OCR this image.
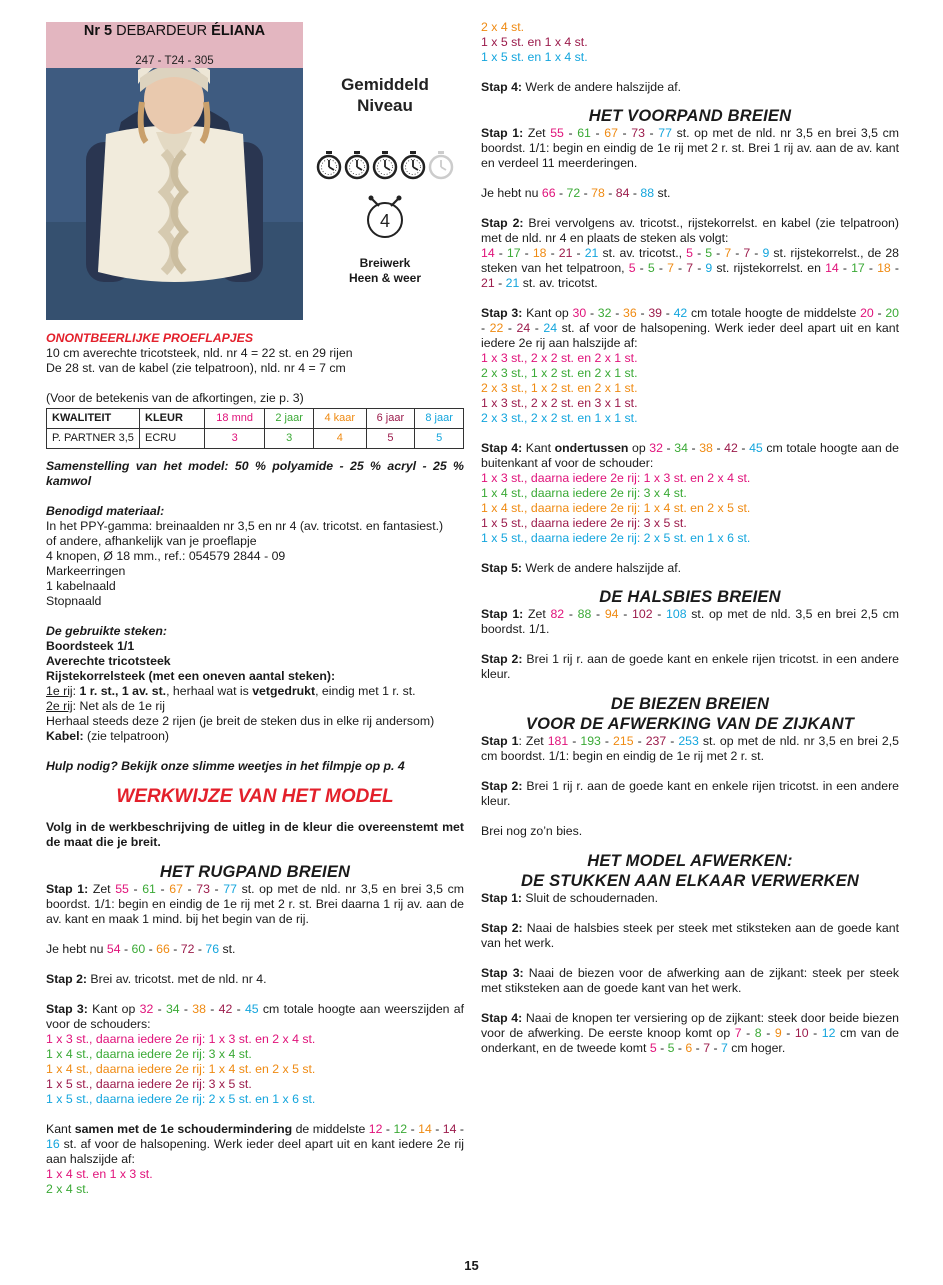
Nr 5 DEBARDEUR ÉLIANA
247 - T24 - 305
Gemiddeld
Niveau
4
Breiwerk
Heen & weer

ONONTBEERLIJKE PROEFLAPJES

10 cm averechte tricotsteek, nld. nr 4 = 22 st. en 29 rijen

De 28 st. van de kabel (zie telpatroon), nld. nr 4 = 7 cm

(Voor de betekenis van de afkortingen, zie p. 3)

KWALITEIT	KLEUR	18 mnd	2 jaar	4 kaar	6 jaar	8 jaar
P. PARTNER 3,5	ECRU	3	3	4	5	5

Samenstelling van het model: 50 % polyamide - 25 % acryl - 25 % kamwol

Benodigd materiaal:

In het PPY-gamma: breinaalden nr 3,5 en nr 4 (av. tricotst. en fantasiest.)

of andere, afhankelijk van je proeflapje

4 knopen, Ø 18 mm., ref.: 054579 2844 - 09

Markeerringen

1 kabelnaald

Stopnaald

De gebruikte steken:

Boordsteek 1/1

Averechte tricotsteek

Rijstekorrelsteek (met een oneven aantal steken):

1e rij: 1 r. st., 1 av. st., herhaal wat is vetgedrukt, eindig met 1 r. st.

2e rij: Net als de 1e rij

Herhaal steeds deze 2 rijen (je breit de steken dus in elke rij andersom)

Kabel: (zie telpatroon)

Hulp nodig? Bekijk onze slimme weetjes in het filmpje op p. 4

WERKWIJZE VAN HET MODEL

Volg in de werkbeschrijving de uitleg in de kleur die overeenstemt met de maat die je breit.

HET RUGPAND BREIEN

Stap 1: Zet 55 - 61 - 67 - 73 - 77 st. op met de nld. nr 3,5 en brei 3,5 cm boordst. 1/1: begin en eindig de 1e rij met 2 r. st. Brei daarna 1 rij av. aan de av. kant en maak 1 mind. bij het begin van de rij.

Je hebt nu 54 - 60 - 66 - 72 - 76 st.

Stap 2: Brei av. tricotst. met de nld. nr 4.

Stap 3: Kant op 32 - 34 - 38 - 42 - 45 cm totale hoogte aan weerszijden af voor de schouders:

1 x 3 st., daarna iedere 2e rij: 1 x 3 st. en 2 x 4 st.

1 x 4 st., daarna iedere 2e rij: 3 x 4 st.

1 x 4 st., daarna iedere 2e rij: 1 x 4 st. en 2 x 5 st.

1 x 5 st., daarna iedere 2e rij: 3 x 5 st.

1 x 5 st., daarna iedere 2e rij: 2 x 5 st. en 1 x 6 st.

Kant samen met de 1e schoudermindering de middelste 12 - 12 - 14 - 14 - 16 st. af voor de halsopening. Werk ieder deel apart uit en kant iedere 2e rij aan halszijde af:

1 x 4 st. en 1 x 3 st.

2 x 4 st.

2 x 4 st.

1 x 5 st. en 1 x 4 st.

1 x 5 st. en 1 x 4 st.

Stap 4: Werk de andere halszijde af.

HET VOORPAND BREIEN

Stap 1: Zet 55 - 61 - 67 - 73 - 77 st. op met de nld. nr 3,5 en brei 3,5 cm boordst. 1/1: begin en eindig de 1e rij met 2 r. st. Brei 1 rij av. aan de av. kant en verdeel 11 meerderingen.

Je hebt nu 66 - 72 - 78 - 84 - 88 st.

Stap 2: Brei vervolgens av. tricotst., rijstekorrelst. en kabel (zie telpatroon) met de nld. nr 4 en plaats de steken als volgt:
14 - 17 - 18 - 21 - 21 st. av. tricotst., 5 - 5 - 7 - 7 - 9 st. rijstekorrelst., de 28 steken van het telpatroon, 5 - 5 - 7 - 7 - 9 st. rijstekorrelst. en 14 - 17 - 18 - 21 - 21 st. av. tricotst.

Stap 3: Kant op 30 - 32 - 36 - 39 - 42 cm totale hoogte de middelste 20 - 20 - 22 - 24 - 24 st. af voor de halsopening. Werk ieder deel apart uit en kant iedere 2e rij aan halszijde af:

1 x 3 st., 2 x 2 st. en 2 x 1 st.

2 x 3 st., 1 x 2 st. en 2 x 1 st.

2 x 3 st., 1 x 2 st. en 2 x 1 st.

1 x 3 st., 2 x 2 st. en 3 x 1 st.

2 x 3 st., 2 x 2 st. en 1 x 1 st.

Stap 4: Kant ondertussen op 32 - 34 - 38 - 42 - 45 cm totale hoogte aan de buitenkant af voor de schouder:

1 x 3 st., daarna iedere 2e rij: 1 x 3 st. en 2 x 4 st.

1 x 4 st., daarna iedere 2e rij: 3 x 4 st.

1 x 4 st., daarna iedere 2e rij: 1 x 4 st. en 2 x 5 st.

1 x 5 st., daarna iedere 2e rij: 3 x 5 st.

1 x 5 st., daarna iedere 2e rij: 2 x 5 st. en 1 x 6 st.

Stap 5: Werk de andere halszijde af.

DE HALSBIES BREIEN

Stap 1: Zet 82 - 88 - 94 - 102 - 108 st. op met de nld. 3,5 en brei 2,5 cm boordst. 1/1.

Stap 2: Brei 1 rij r. aan de goede kant en enkele rijen tricotst. in een andere kleur.

DE BIEZEN BREIEN

VOOR DE AFWERKING VAN DE ZIJKANT

Stap 1: Zet 181 - 193 - 215 - 237 - 253 st. op met de nld. nr 3,5 en brei 2,5 cm boordst. 1/1: begin en eindig de 1e rij met 2 r. st.

Stap 2: Brei 1 rij r. aan de goede kant en enkele rijen tricotst. in een andere kleur.

Brei nog zo’n bies.

HET MODEL AFWERKEN:

DE STUKKEN AAN ELKAAR VERWERKEN

Stap 1: Sluit de schoudernaden.

Stap 2: Naai de halsbies steek per steek met stiksteken aan de goede kant van het werk.

Stap 3: Naai de biezen voor de afwerking aan de zijkant: steek per steek met stiksteken aan de goede kant van het werk.

Stap 4: Naai de knopen ter versiering op de zijkant: steek door beide biezen voor de afwerking. De eerste knoop komt op 7 - 8 - 9 - 10 - 12 cm van de onderkant, en de tweede komt 5 - 5 - 6 - 7 - 7 cm hoger.

15
